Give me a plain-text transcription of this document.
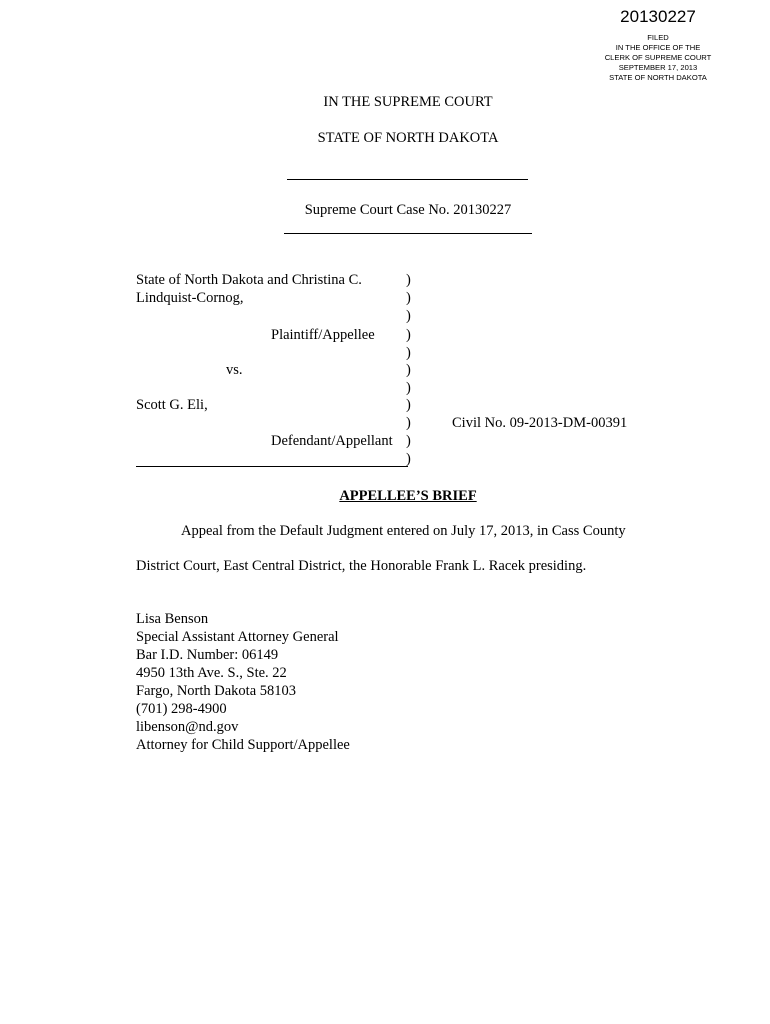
20130227
FILED
IN THE OFFICE OF THE
CLERK OF SUPREME COURT
SEPTEMBER 17, 2013
STATE OF NORTH DAKOTA
IN THE SUPREME COURT
STATE OF NORTH DAKOTA
Supreme Court Case No. 20130227
State of North Dakota and Christina C.
Lindquist-Cornog,
Plaintiff/Appellee
vs.
Scott G. Eli,
Defendant/Appellant
Civil No. 09-2013-DM-00391
)
)
)
)
)
)
)
)
)
)
)
APPELLEE’S BRIEF
Appeal from the Default Judgment entered on July 17, 2013, in Cass County
District Court, East Central District, the Honorable Frank L. Racek presiding.
Lisa Benson
Special Assistant Attorney General
Bar I.D. Number: 06149
4950 13th Ave. S., Ste. 22
Fargo, North Dakota 58103
(701) 298-4900
libenson@nd.gov
Attorney for Child Support/Appellee
